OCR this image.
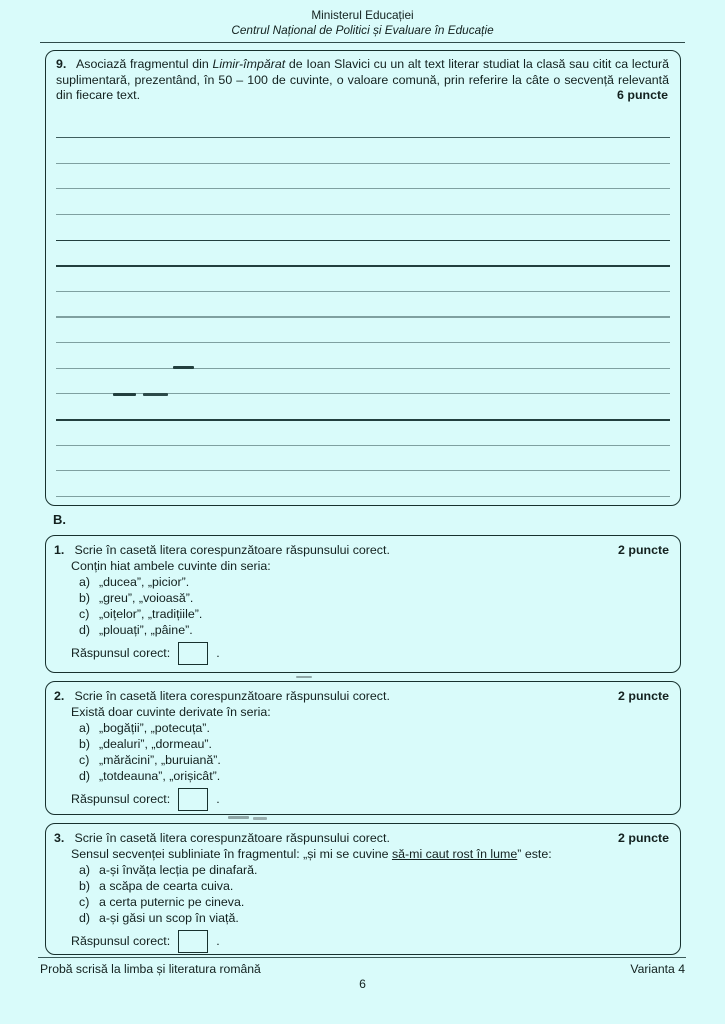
Ministerul Educației
Centrul Național de Politici și Evaluare în Educație
9. Asociază fragmentul din Limir-împărat de Ioan Slavici cu un alt text literar studiat la clasă sau citit ca lectură suplimentară, prezentând, în 50 – 100 de cuvinte, o valoare comună, prin referire la câte o secvență relevantă din fiecare text.	6 puncte
B.
1. Scrie în casetă litera corespunzătoare răspunsului corect.	2 puncte
Conțin hiat ambele cuvinte din seria:
a) „ducea”, „picior”.
b) „greu”, „voioasă”.
c) „oițelor”, „tradițiile”.
d) „plouați”, „pâine”.
Răspunsul corect:	.
2. Scrie în casetă litera corespunzătoare răspunsului corect.	2 puncte
Există doar cuvinte derivate în seria:
a) „bogății”, „potecuța”.
b) „dealuri”, „dormeau”.
c) „mărăcini”, „buruiană”.
d) „totdeauna”, „orișicât”.
Răspunsul corect:	.
3. Scrie în casetă litera corespunzătoare răspunsului corect.	2 puncte
Sensul secvenței subliniate în fragmentul: „și mi se cuvine să-mi caut rost în lume” este:
a) a-și învăța lecția pe dinafară.
b) a scăpa de cearta cuiva.
c) a certa puternic pe cineva.
d) a-și găsi un scop în viață.
Răspunsul corect:	.
Probă scrisă la limba și literatura română	Varianta 4
6
